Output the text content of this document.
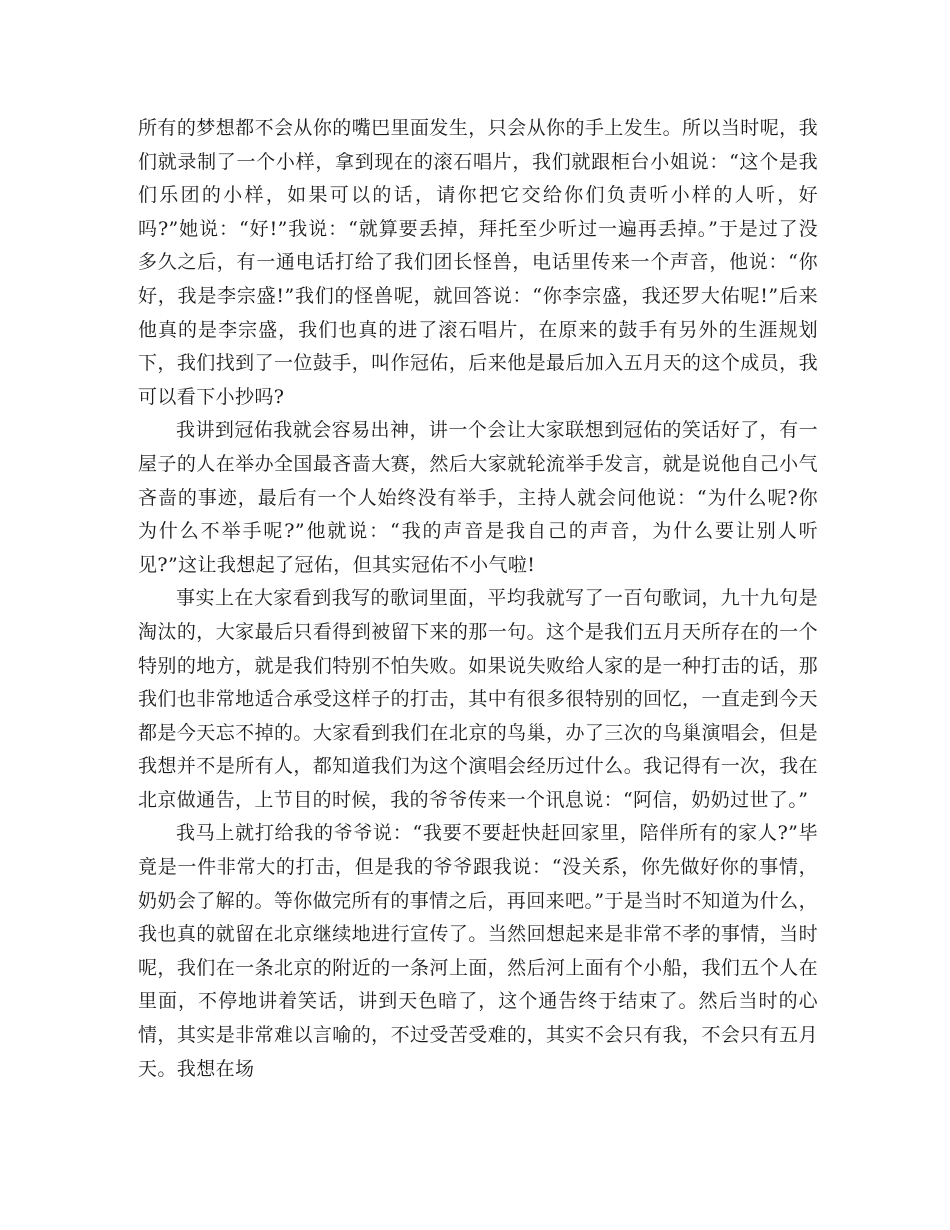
所有的梦想都不会从你的嘴巴里面发生，只会从你的手上发生。所以当时呢，我们就录制了一个小样，拿到现在的滚石唱片，我们就跟柜台小姐说：“这个是我们乐团的小样，如果可以的话，请你把它交给你们负责听小样的人听，好吗?”她说：“好!”我说：“就算要丢掉，拜托至少听过一遍再丢掉。”于是过了没多久之后，有一通电话打给了我们团长怪兽，电话里传来一个声音，他说：“你好，我是李宗盛!”我们的怪兽呢，就回答说：“你李宗盛，我还罗大佑呢!”后来他真的是李宗盛，我们也真的进了滚石唱片，在原来的鼓手有另外的生涯规划下，我们找到了一位鼓手，叫作冠佑，后来他是最后加入五月天的这个成员，我可以看下小抄吗?

我讲到冠佑我就会容易出神，讲一个会让大家联想到冠佑的笑话好了，有一屋子的人在举办全国最吝啬大赛，然后大家就轮流举手发言，就是说他自己小气吝啬的事迹，最后有一个人始终没有举手，主持人就会问他说：“为什么呢?你为什么不举手呢?”他就说：“我的声音是我自己的声音，为什么要让别人听见?”这让我想起了冠佑，但其实冠佑不小气啦!

事实上在大家看到我写的歌词里面，平均我就写了一百句歌词，九十九句是淘汰的，大家最后只看得到被留下来的那一句。这个是我们五月天所存在的一个特别的地方，就是我们特别不怕失败。如果说失败给人家的是一种打击的话，那我们也非常地适合承受这样子的打击，其中有很多很特别的回忆，一直走到今天都是今天忘不掉的。大家看到我们在北京的鸟巢，办了三次的鸟巢演唱会，但是我想并不是所有人，都知道我们为这个演唱会经历过什么。我记得有一次，我在北京做通告，上节目的时候，我的爷爷传来一个讯息说：“阿信，奶奶过世了。”

我马上就打给我的爷爷说：“我要不要赶快赶回家里，陪伴所有的家人?”毕竟是一件非常大的打击，但是我的爷爷跟我说：“没关系，你先做好你的事情，奶奶会了解的。等你做完所有的事情之后，再回来吧。”于是当时不知道为什么，我也真的就留在北京继续地进行宣传了。当然回想起来是非常不孝的事情，当时呢，我们在一条北京的附近的一条河上面，然后河上面有个小船，我们五个人在里面，不停地讲着笑话，讲到天色暗了，这个通告终于结束了。然后当时的心情，其实是非常难以言喻的，不过受苦受难的，其实不会只有我，不会只有五月天。我想在场
